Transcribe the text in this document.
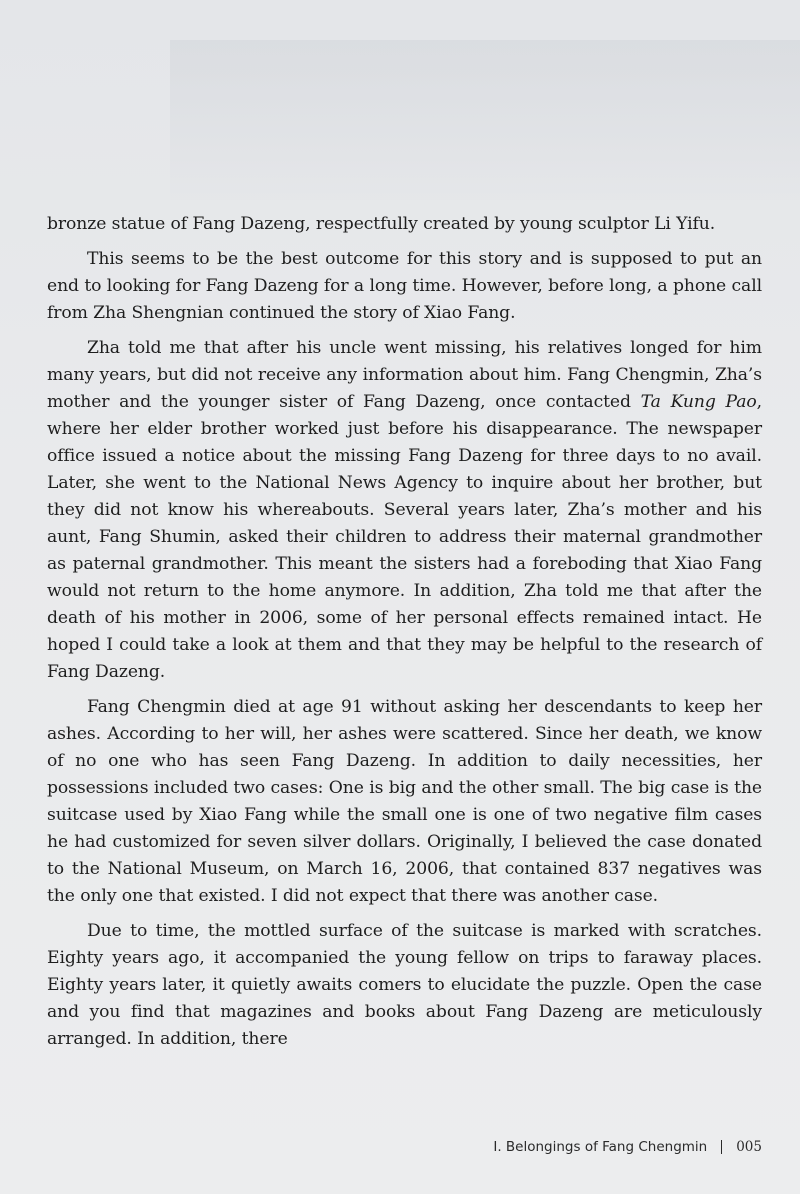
bronze statue of Fang Dazeng, respectfully created by young sculptor Li Yifu.

This seems to be the best outcome for this story and is supposed to put an end to looking for Fang Dazeng for a long time. However, before long, a phone call from Zha Shengnian continued the story of Xiao Fang.

Zha told me that after his uncle went missing, his relatives longed for him many years, but did not receive any information about him. Fang Chengmin, Zha’s mother and the younger sister of Fang Dazeng, once contacted Ta Kung Pao, where her elder brother worked just before his disappearance. The newspaper office issued a notice about the missing Fang Dazeng for three days to no avail. Later, she went to the National News Agency to inquire about her brother, but they did not know his whereabouts. Several years later, Zha’s mother and his aunt, Fang Shumin, asked their children to address their maternal grandmother as paternal grandmother. This meant the sisters had a foreboding that Xiao Fang would not return to the home anymore. In addition, Zha told me that after the death of his mother in 2006, some of her personal effects remained intact. He hoped I could take a look at them and that they may be helpful to the research of Fang Dazeng.

Fang Chengmin died at age 91 without asking her descendants to keep her ashes. According to her will, her ashes were scattered. Since her death, we know of no one who has seen Fang Dazeng. In addition to daily necessities, her possessions included two cases: One is big and the other small. The big case is the suitcase used by Xiao Fang while the small one is one of two negative film cases he had customized for seven silver dollars. Originally, I believed the case donated to the National Museum, on March 16, 2006, that contained 837 negatives was the only one that existed. I did not expect that there was another case.

Due to time, the mottled surface of the suitcase is marked with scratches. Eighty years ago, it accompanied the young fellow on trips to faraway places. Eighty years later, it quietly awaits comers to elucidate the puzzle. Open the case and you find that magazines and books about Fang Dazeng are meticulously arranged. In addition, there

I. Belongings of Fang Chengmin 005
